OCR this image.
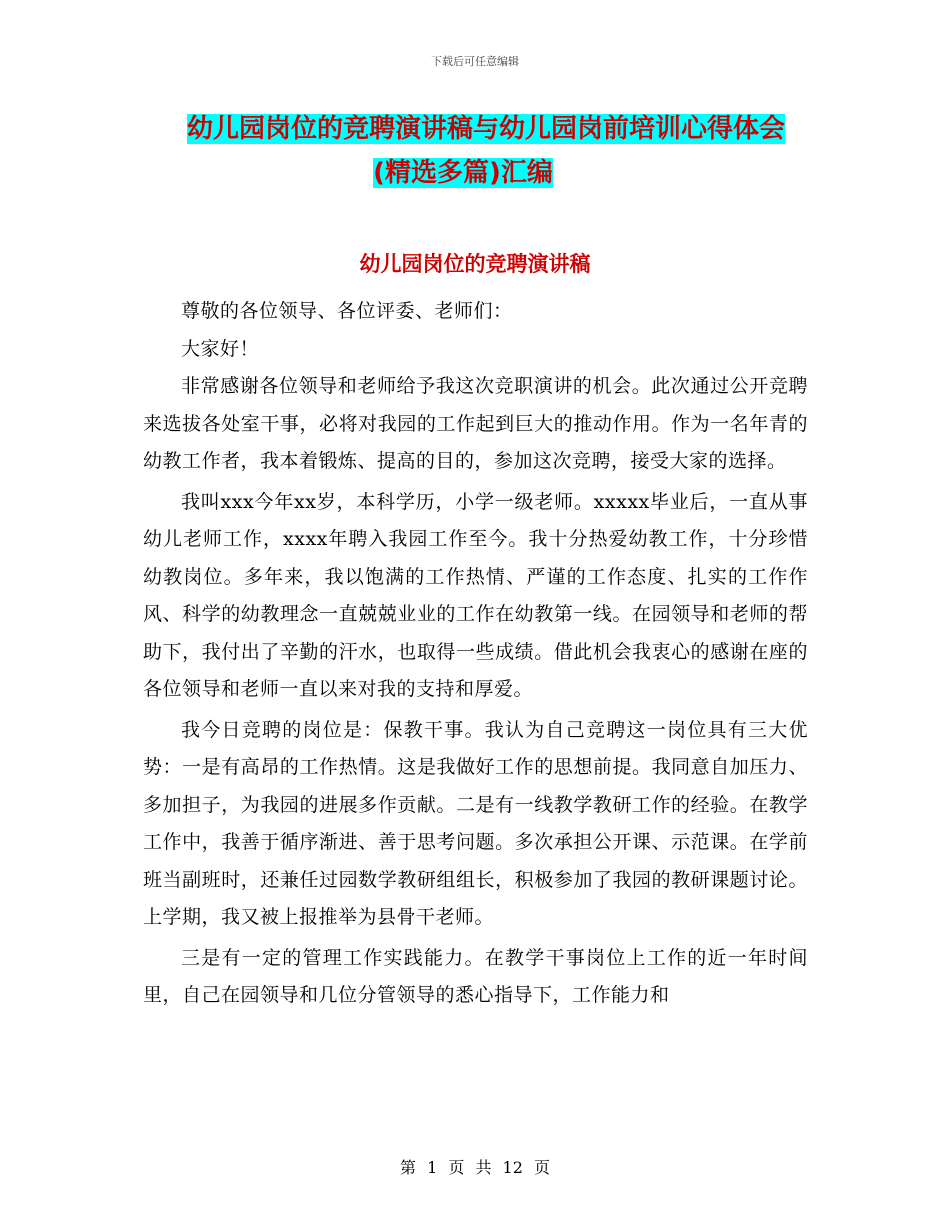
下载后可任意编辑
幼儿园岗位的竞聘演讲稿与幼儿园岗前培训心得体会
(精选多篇)汇编
幼儿园岗位的竞聘演讲稿

尊敬的各位领导、各位评委、老师们：

大家好！

非常感谢各位领导和老师给予我这次竞职演讲的机会。此次通过公开竞聘来选拔各处室干事，必将对我园的工作起到巨大的推动作用。作为一名年青的幼教工作者，我本着锻炼、提高的目的，参加这次竞聘，接受大家的选择。

我叫xxx今年xx岁，本科学历，小学一级老师。xxxxx毕业后，一直从事幼儿老师工作，xxxx年聘入我园工作至今。我十分热爱幼教工作，十分珍惜幼教岗位。多年来，我以饱满的工作热情、严谨的工作态度、扎实的工作作风、科学的幼教理念一直兢兢业业的工作在幼教第一线。在园领导和老师的帮助下，我付出了辛勤的汗水，也取得一些成绩。借此机会我衷心的感谢在座的各位领导和老师一直以来对我的支持和厚爱。

我今日竞聘的岗位是：保教干事。我认为自己竞聘这一岗位具有三大优势：一是有高昂的工作热情。这是我做好工作的思想前提。我同意自加压力、多加担子，为我园的进展多作贡献。二是有一线教学教研工作的经验。在教学工作中，我善于循序渐进、善于思考问题。多次承担公开课、示范课。在学前班当副班时，还兼任过园数学教研组组长，积极参加了我园的教研课题讨论。上学期，我又被上报推举为县骨干老师。

三是有一定的管理工作实践能力。在教学干事岗位上工作的近一年时间里，自己在园领导和几位分管领导的悉心指导下，工作能力和

第 1 页 共 12 页
